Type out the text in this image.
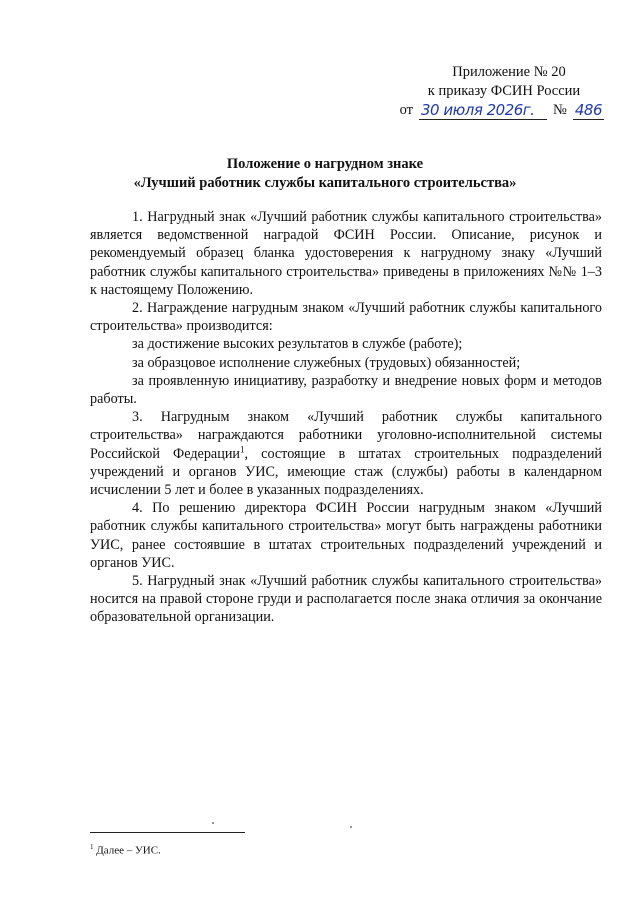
Приложение № 20
к приказу ФСИН России
от 30 июля 2026г.	№ 486
Положение о нагрудном знаке
«Лучший работник службы капитального строительства»

1. Нагрудный знак «Лучший работник службы капитального строительства» является ведомственной наградой ФСИН России. Описание, рисунок и рекомендуемый образец бланка удостоверения к нагрудному знаку «Лучший работник службы капитального строительства» приведены в приложениях №№ 1–3 к настоящему Положению.

2. Награждение нагрудным знаком «Лучший работник службы капитального строительства» производится:

за достижение высоких результатов в службе (работе);

за образцовое исполнение служебных (трудовых) обязанностей;

за проявленную инициативу, разработку и внедрение новых форм и методов работы.

3. Нагрудным знаком «Лучший работник службы капитального строительства» награждаются работники уголовно-исполнительной системы Российской Федерации$^1$, состоящие в штатах строительных подразделений учреждений и органов УИС, имеющие стаж (службы) работы в календарном исчислении 5 лет и более в указанных подразделениях.

4. По решению директора ФСИН России нагрудным знаком «Лучший работник службы капитального строительства» могут быть награждены работники УИС, ранее состоявшие в штатах строительных подразделений учреждений и органов УИС.

5. Нагрудный знак «Лучший работник службы капитального строительства» носится на правой стороне груди и располагается после знака отличия за окончание образовательной организации.

$^1$ Далее – УИС.
